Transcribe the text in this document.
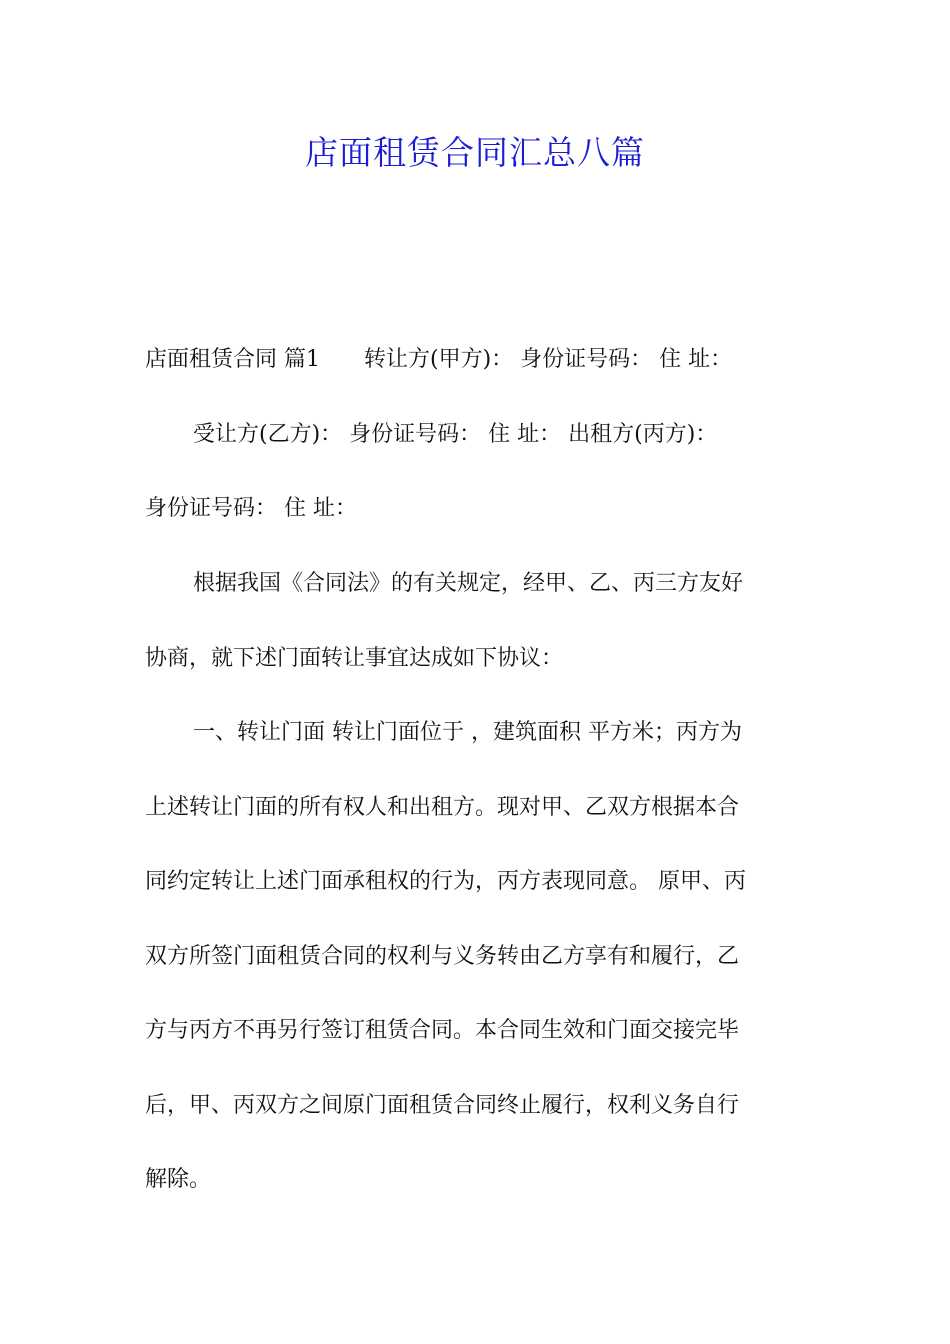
店面租赁合同汇总八篇
店面租赁合同 篇1　　转让方(甲方)： 身份证号码： 住 址：
受让方(乙方)： 身份证号码： 住 址： 出租方(丙方)：
身份证号码： 住 址：
根据我国《合同法》的有关规定，经甲、乙、丙三方友好
协商，就下述门面转让事宜达成如下协议：
一、转让门面 转让门面位于 ，建筑面积 平方米；丙方为
上述转让门面的所有权人和出租方。现对甲、乙双方根据本合
同约定转让上述门面承租权的行为，丙方表现同意。 原甲、丙
双方所签门面租赁合同的权利与义务转由乙方享有和履行，乙
方与丙方不再另行签订租赁合同。本合同生效和门面交接完毕
后，甲、丙双方之间原门面租赁合同终止履行，权利义务自行
解除。
